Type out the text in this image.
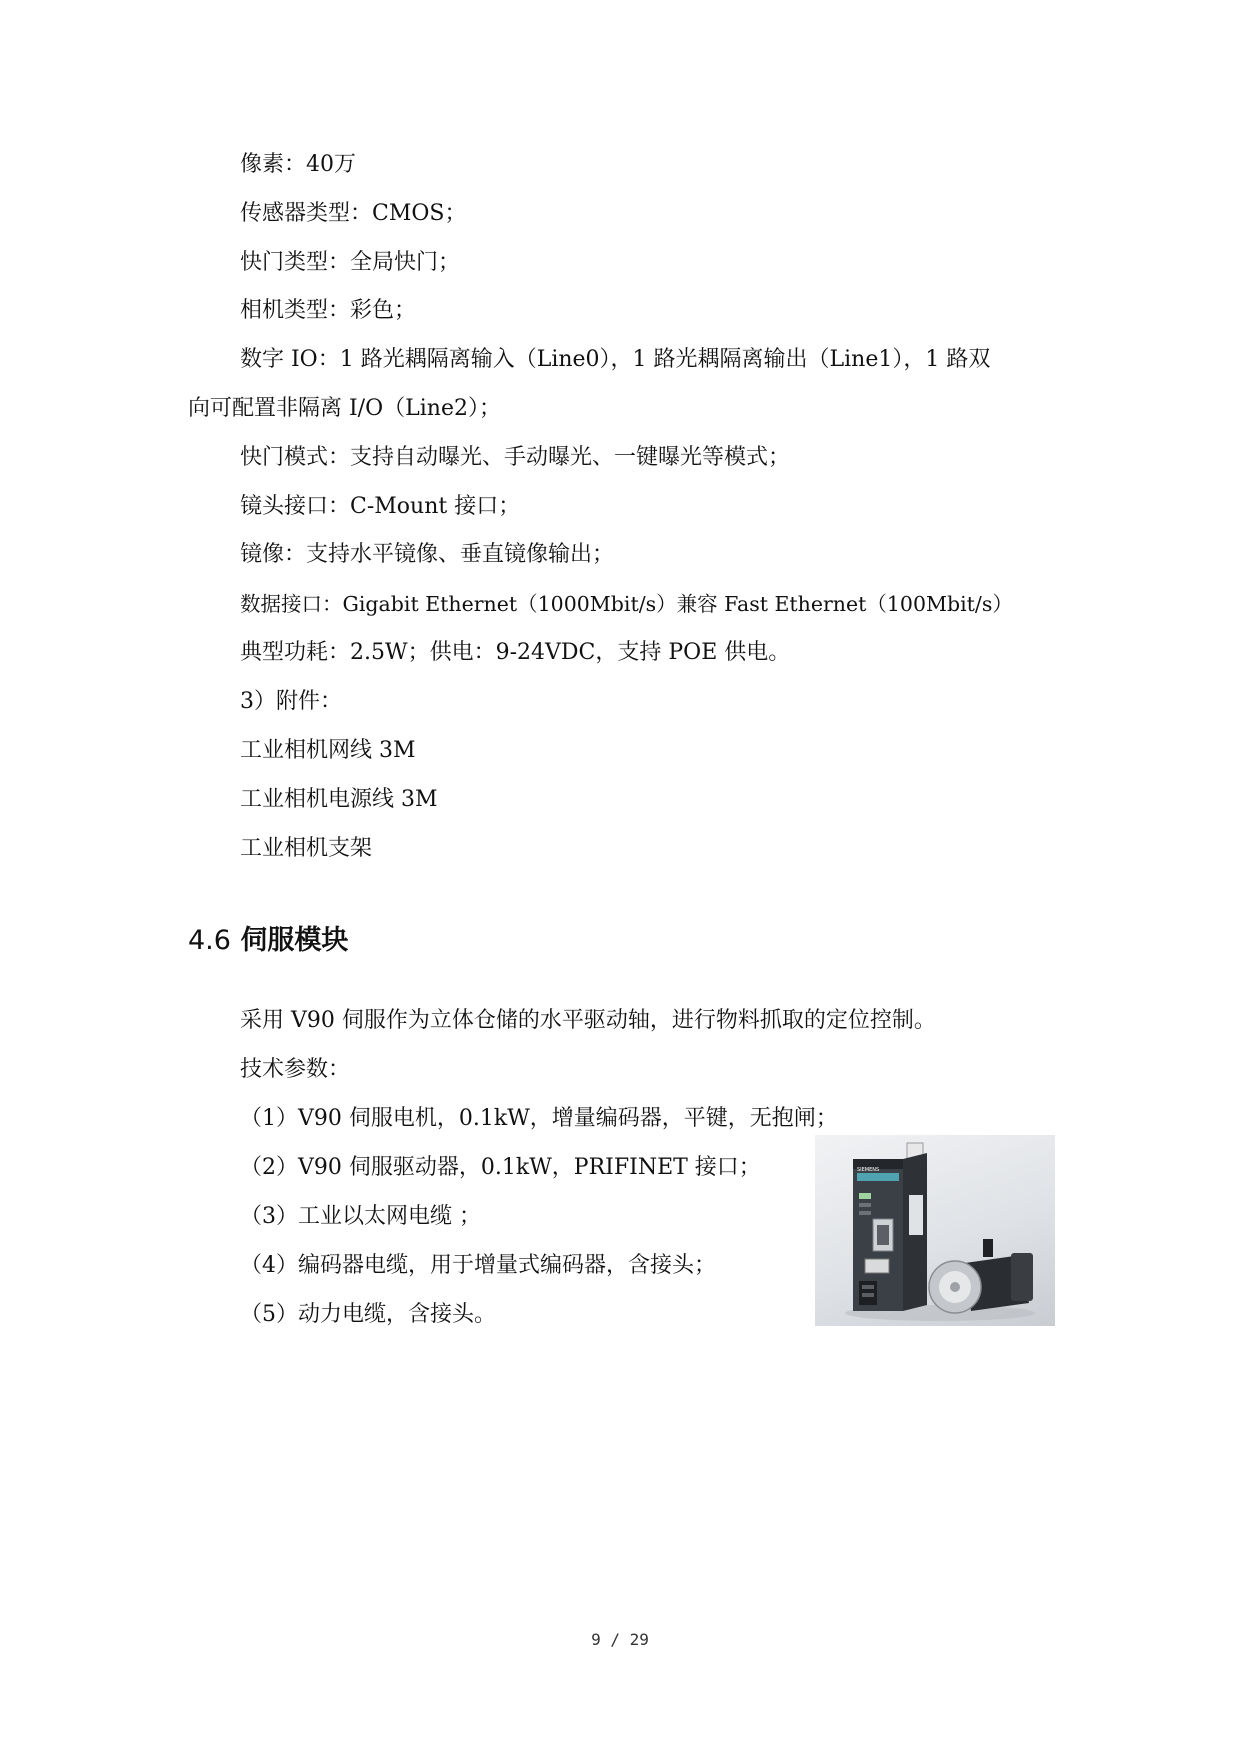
像素：40万
传感器类型：CMOS；
快门类型：全局快门；
相机类型：彩色；
数字 IO：1 路光耦隔离输入（Line0），1 路光耦隔离输出（Line1），1 路双
向可配置非隔离 I/O（Line2）；
快门模式：支持自动曝光、手动曝光、一键曝光等模式；
镜头接口：C-Mount 接口；
镜像：支持水平镜像、垂直镜像输出；
数据接口：Gigabit Ethernet（1000Mbit/s）兼容 Fast Ethernet（100Mbit/s）
典型功耗：2.5W；供电：9-24VDC，支持 POE 供电。
3）附件：
工业相机网线 3M
工业相机电源线 3M
工业相机支架
4.6 伺服模块
采用 V90 伺服作为立体仓储的水平驱动轴，进行物料抓取的定位控制。
技术参数：
（1）V90 伺服电机，0.1kW，增量编码器，平键，无抱闸；
（2）V90 伺服驱动器，0.1kW，PRIFINET 接口；
（3）工业以太网电缆 ；
（4）编码器电缆，用于增量式编码器，含接头；
（5）动力电缆，含接头。
SIEMENS
9 / 29
